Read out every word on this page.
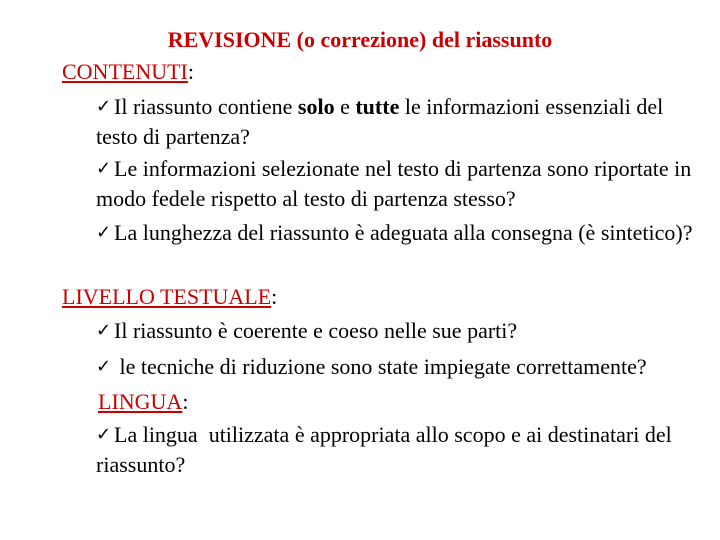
REVISIONE (o correzione) del riassunto
CONTENUTI:
✓ Il riassunto contiene solo e tutte le informazioni essenziali del testo di partenza?
✓ Le informazioni selezionate nel testo di partenza sono riportate in modo fedele rispetto al testo di partenza stesso?
✓ La lunghezza del riassunto è adeguata alla consegna (è sintetico)?
LIVELLO TESTUALE:
✓ Il riassunto è coerente e coeso nelle sue parti?
✓ le tecniche di riduzione sono state impiegate correttamente?
LINGUA:
✓ La lingua  utilizzata è appropriata allo scopo e ai destinatari del riassunto?
